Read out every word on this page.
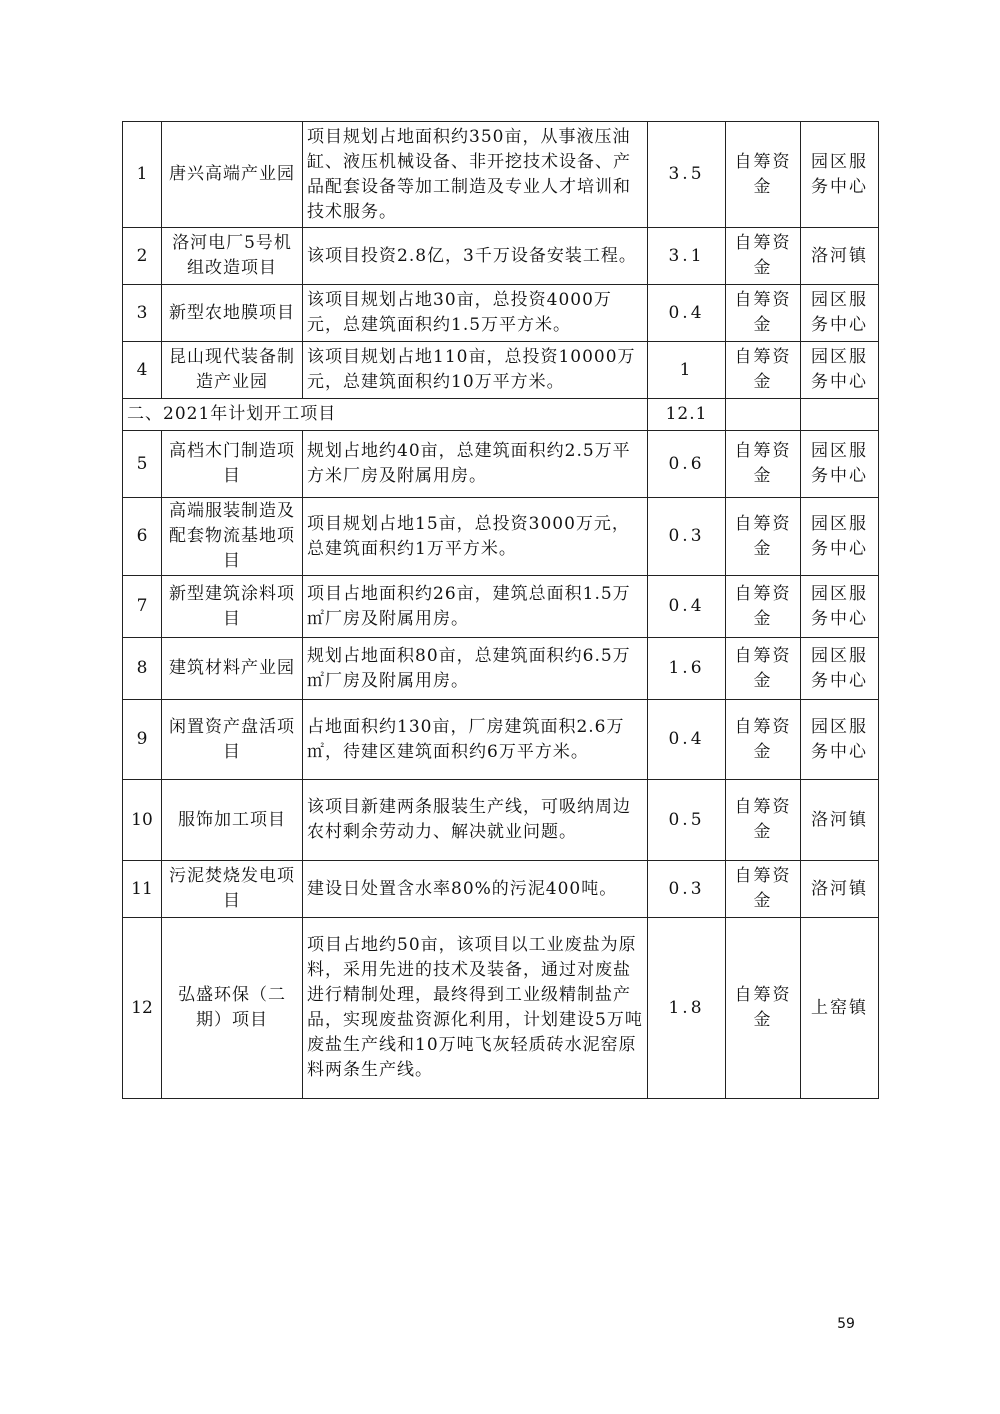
1	唐兴高端产业园	项目规划占地面积约350亩，从事液压油缸、液压机械设备、非开挖技术设备、产品配套设备等加工制造及专业人才培训和技术服务。	3.5	自筹资金	园区服务中心
2	洛河电厂5号机组改造项目	该项目投资2.8亿，3千万设备安装工程。	3.1	自筹资金	洛河镇
3	新型农地膜项目	该项目规划占地30亩，总投资4000万元，总建筑面积约1.5万平方米。	0.4	自筹资金	园区服务中心
4	昆山现代装备制造产业园	该项目规划占地110亩，总投资10000万元，总建筑面积约10万平方米。	1	自筹资金	园区服务中心
二、2021年计划开工项目			12.1		
5	高档木门制造项目	规划占地约40亩，总建筑面积约2.5万平方米厂房及附属用房。	0.6	自筹资金	园区服务中心
6	高端服装制造及配套物流基地项目	项目规划占地15亩，总投资3000万元，总建筑面积约1万平方米。	0.3	自筹资金	园区服务中心
7	新型建筑涂料项目	项目占地面积约26亩，建筑总面积1.5万㎡厂房及附属用房。	0.4	自筹资金	园区服务中心
8	建筑材料产业园	规划占地面积80亩，总建筑面积约6.5万㎡厂房及附属用房。	1.6	自筹资金	园区服务中心
9	闲置资产盘活项目	占地面积约130亩，厂房建筑面积2.6万㎡，待建区建筑面积约6万平方米。	0.4	自筹资金	园区服务中心
10	服饰加工项目	该项目新建两条服装生产线，可吸纳周边农村剩余劳动力、解决就业问题。	0.5	自筹资金	洛河镇
11	污泥焚烧发电项目	建设日处置含水率80%的污泥400吨。	0.3	自筹资金	洛河镇
12	弘盛环保（二期）项目	项目占地约50亩，该项目以工业废盐为原料，采用先进的技术及装备，通过对废盐进行精制处理，最终得到工业级精制盐产品，实现废盐资源化利用，计划建设5万吨废盐生产线和10万吨飞灰轻质砖水泥窑原料两条生产线。	1.8	自筹资金	上窑镇
59
